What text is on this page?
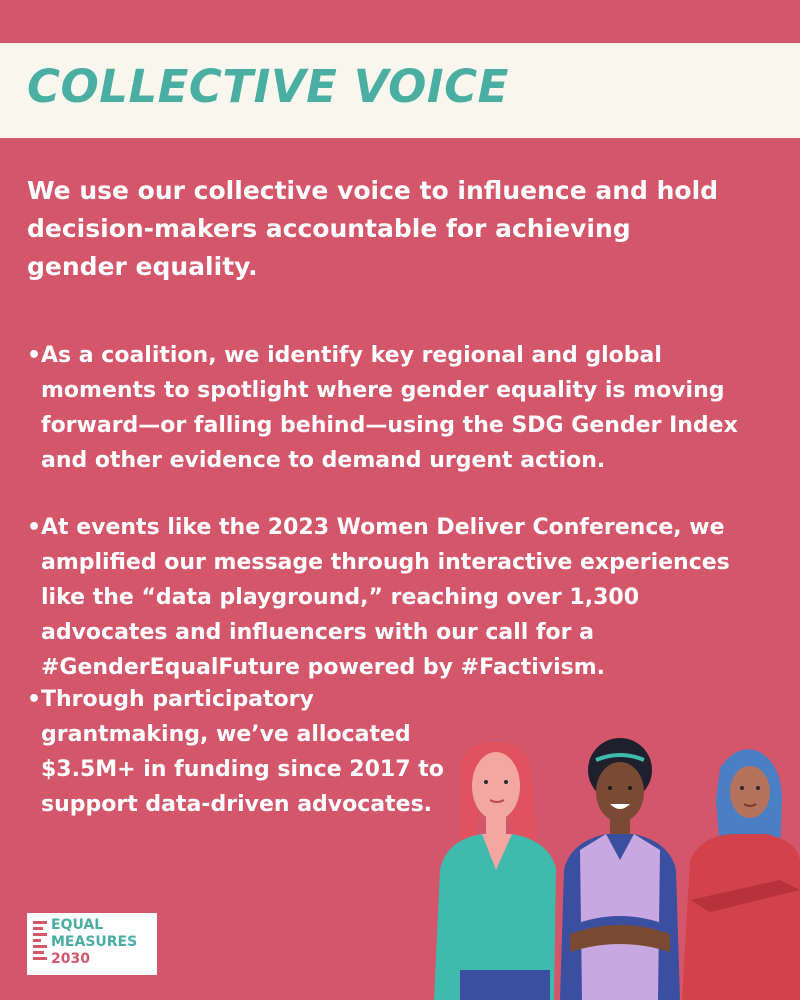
COLLECTIVE VOICE

We use our collective voice to influence and hold decision-makers accountable for achieving gender equality.

• As a coalition, we identify key regional and global moments to spotlight where gender equality is moving forward—or falling behind—using the SDG Gender Index and other evidence to demand urgent action.
• At events like the 2023 Women Deliver Conference, we amplified our message through interactive experiences like the “data playground,” reaching over 1,300 advocates and influencers with our call for a #GenderEqualFuture powered by #Factivism.
• Through participatory grantmaking, we’ve allocated $3.5M+ in funding since 2017 to support data-driven advocates.
EQUAL
MEASURES
2030
